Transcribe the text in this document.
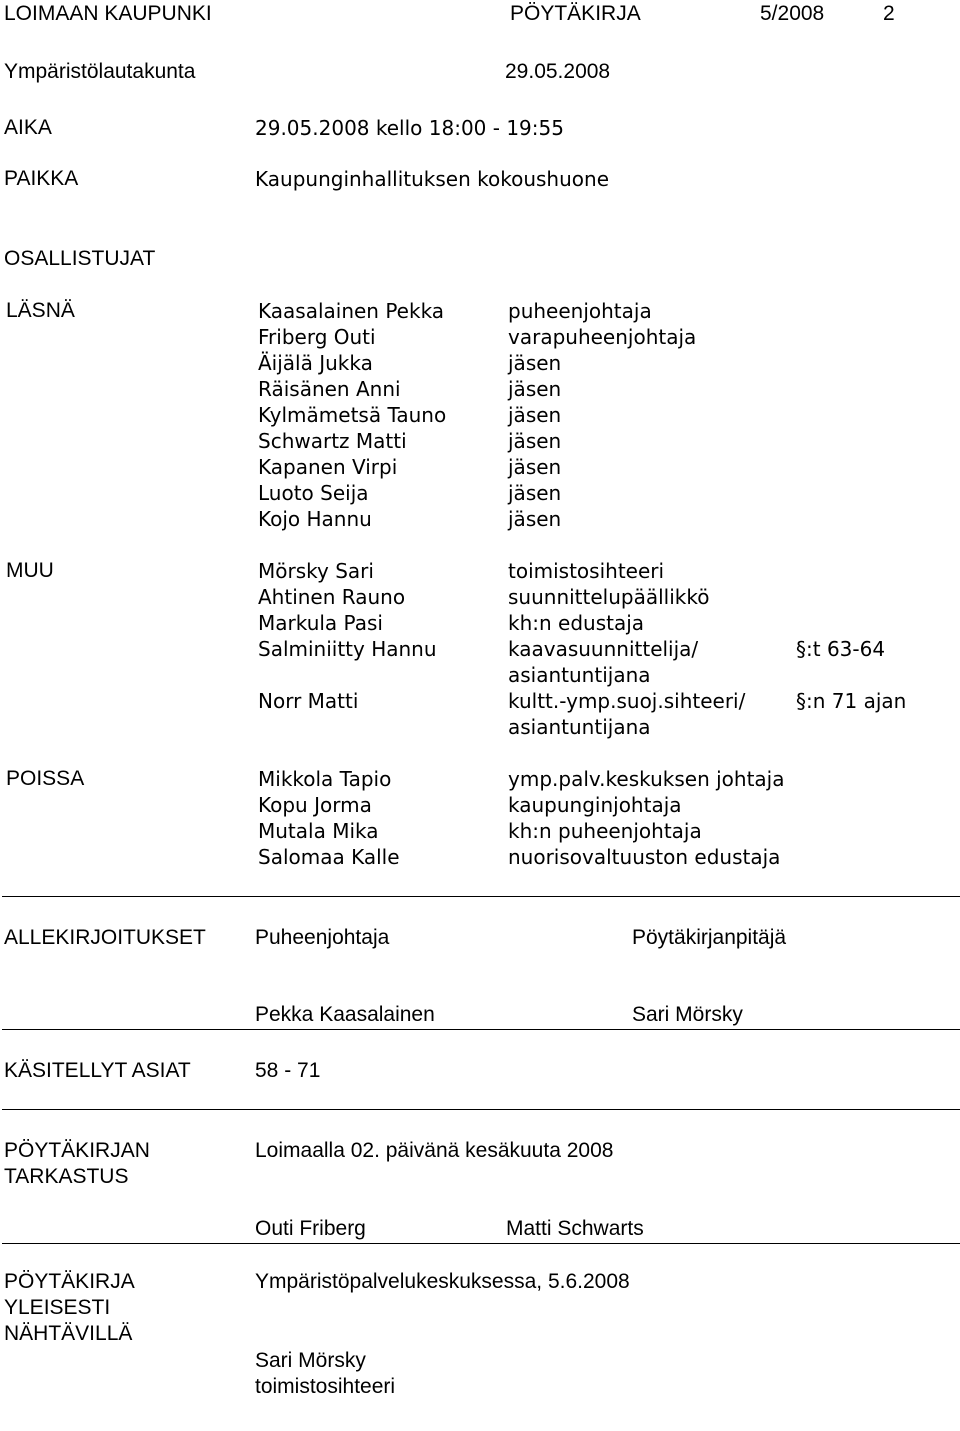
LOIMAAN KAUPUNKI	PÖYTÄKIRJA	5/2008	2
Ympäristölautakunta	29.05.2008
AIKA	29.05.2008 kello 18:00 - 19:55
PAIKKA	Kaupunginhallituksen kokoushuone
OSALLISTUJAT
LÄSNÄ	Kaasalainen Pekka	puheenjohtaja
Friberg Outi	varapuheenjohtaja
Äijälä Jukka	jäsen
Räisänen Anni	jäsen
Kylmämetsä Tauno	jäsen
Schwartz Matti	jäsen
Kapanen Virpi	jäsen
Luoto Seija	jäsen
Kojo Hannu	jäsen
MUU	Mörsky Sari	toimistosihteeri
Ahtinen Rauno	suunnittelupäällikkö
Markula Pasi	kh:n edustaja
Salminiitty Hannu	kaavasuunnittelija/	§:t 63-64
asiantuntijana
Norr Matti	kultt.-ymp.suoj.sihteeri/	§:n 71 ajan
asiantuntijana
POISSA	Mikkola Tapio	ymp.palv.keskuksen johtaja
Kopu Jorma	kaupunginjohtaja
Mutala Mika	kh:n puheenjohtaja
Salomaa Kalle	nuorisovaltuuston edustaja
ALLEKIRJOITUKSET Puheenjohtaja	Pöytäkirjanpitäjä
Pekka Kaasalainen	Sari Mörsky
KÄSITELLYT ASIAT	58 - 71
PÖYTÄKIRJAN
TARKASTUS
Loimaalla 02. päivänä kesäkuuta 2008
Outi Friberg	Matti Schwarts
PÖYTÄKIRJA
YLEISESTI
NÄHTÄVILLÄ
Ympäristöpalvelukeskuksessa, 5.6.2008
Sari Mörsky
toimistosihteeri
